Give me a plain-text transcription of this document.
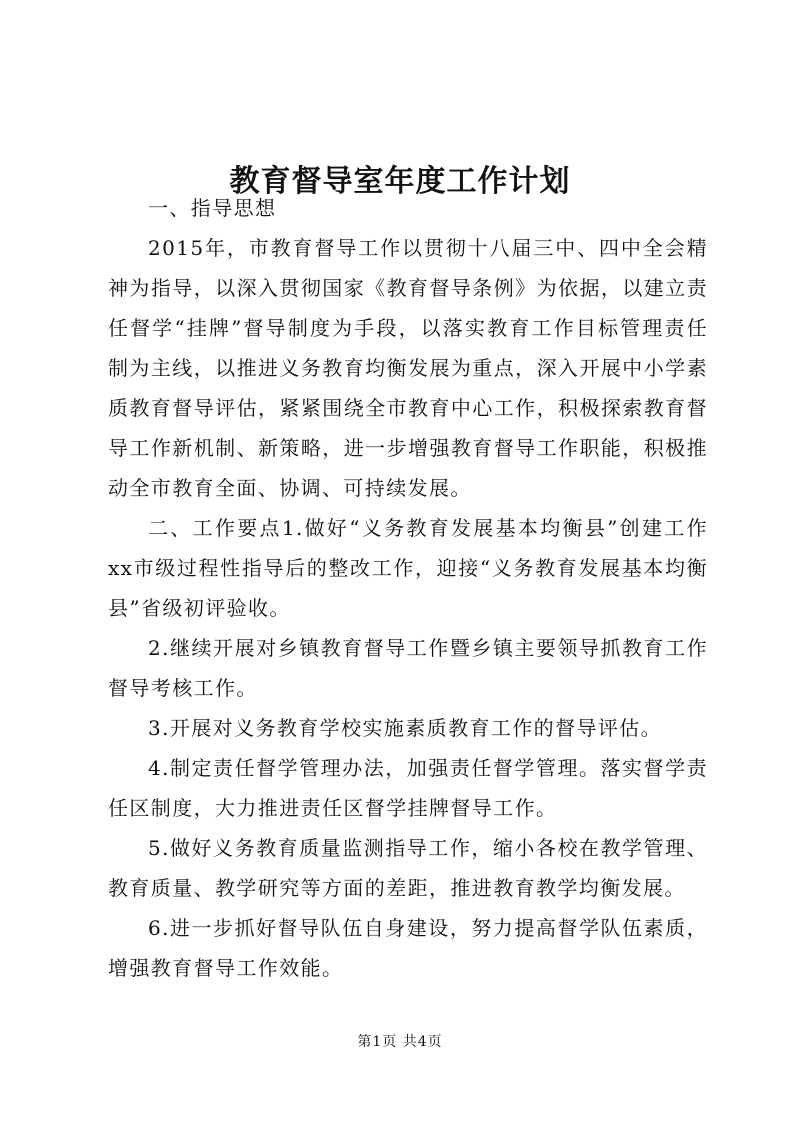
教育督导室年度工作计划

一、指导思想

2015年，市教育督导工作以贯彻十八届三中、四中全会精神为指导，以深入贯彻国家《教育督导条例》为依据，以建立责任督学“挂牌”督导制度为手段，以落实教育工作目标管理责任制为主线，以推进义务教育均衡发展为重点，深入开展中小学素质教育督导评估，紧紧围绕全市教育中心工作，积极探索教育督导工作新机制、新策略，进一步增强教育督导工作职能，积极推动全市教育全面、协调、可持续发展。

二、工作要点1.做好“义务教育发展基本均衡县”创建工作xx市级过程性指导后的整改工作，迎接“义务教育发展基本均衡县”省级初评验收。

2.继续开展对乡镇教育督导工作暨乡镇主要领导抓教育工作督导考核工作。

3.开展对义务教育学校实施素质教育工作的督导评估。

4.制定责任督学管理办法，加强责任督学管理。落实督学责任区制度，大力推进责任区督学挂牌督导工作。

5.做好义务教育质量监测指导工作，缩小各校在教学管理、教育质量、教学研究等方面的差距，推进教育教学均衡发展。

6.进一步抓好督导队伍自身建设，努力提高督学队伍素质，增强教育督导工作效能。

第1页 共4页
